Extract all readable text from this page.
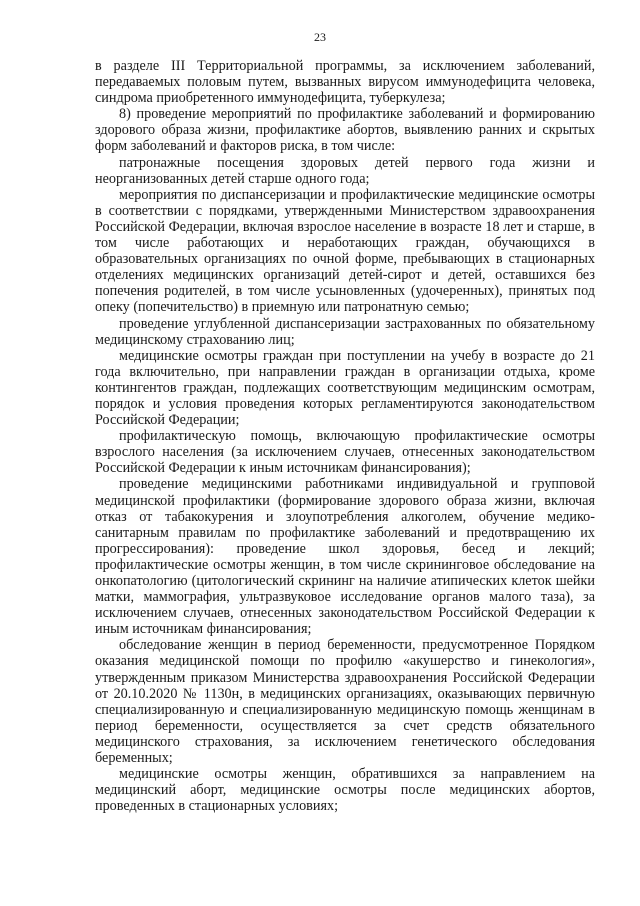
23

в разделе III Территориальной программы, за исключением заболеваний, передаваемых половым путем, вызванных вирусом иммунодефицита человека, синдрома приобретенного иммунодефицита, туберкулеза;

8) проведение мероприятий по профилактике заболеваний и формированию здорового образа жизни, профилактике абортов, выявлению ранних и скрытых форм заболеваний и факторов риска, в том числе:

патронажные посещения здоровых детей первого года жизни и неорганизованных детей старше одного года;

мероприятия по диспансеризации и профилактические медицинские осмотры в соответствии с порядками, утвержденными Министерством здравоохранения Российской Федерации, включая взрослое население в возрасте 18 лет и старше, в том числе работающих и неработающих граждан, обучающихся в образовательных организациях по очной форме, пребывающих в стационарных отделениях медицинских организаций детей-сирот и детей, оставшихся без попечения родителей, в том числе усыновленных (удочеренных), принятых под опеку (попечительство) в приемную или патронатную семью;

проведение углубленной диспансеризации застрахованных по обязательному медицинскому страхованию лиц;

медицинские осмотры граждан при поступлении на учебу в возрасте до 21 года включительно, при направлении граждан в организации отдыха, кроме контингентов граждан, подлежащих соответствующим медицинским осмотрам, порядок и условия проведения которых регламентируются законодательством Российской Федерации;

профилактическую помощь, включающую профилактические осмотры взрослого населения (за исключением случаев, отнесенных законодательством Российской Федерации к иным источникам финансирования);

проведение медицинскими работниками индивидуальной и групповой медицинской профилактики (формирование здорового образа жизни, включая отказ от табакокурения и злоупотребления алкоголем, обучение медико-санитарным правилам по профилактике заболеваний и предотвращению их прогрессирования): проведение школ здоровья, бесед и лекций; профилактические осмотры женщин, в том числе скрининговое обследование на онкопатологию (цитологический скрининг на наличие атипических клеток шейки матки, маммография, ультразвуковое исследование органов малого таза), за исключением случаев, отнесенных законодательством Российской Федерации к иным источникам финансирования;

обследование женщин в период беременности, предусмотренное Порядком оказания медицинской помощи по профилю «акушерство и гинекология», утвержденным приказом Министерства здравоохранения Российской Федерации от 20.10.2020 № 1130н, в медицинских организациях, оказывающих первичную специализированную и специализированную медицинскую помощь женщинам в период беременности, осуществляется за счет средств обязательного медицинского страхования, за исключением генетического обследования беременных;

медицинские осмотры женщин, обратившихся за направлением на медицинский аборт, медицинские осмотры после медицинских абортов, проведенных в стационарных условиях;
